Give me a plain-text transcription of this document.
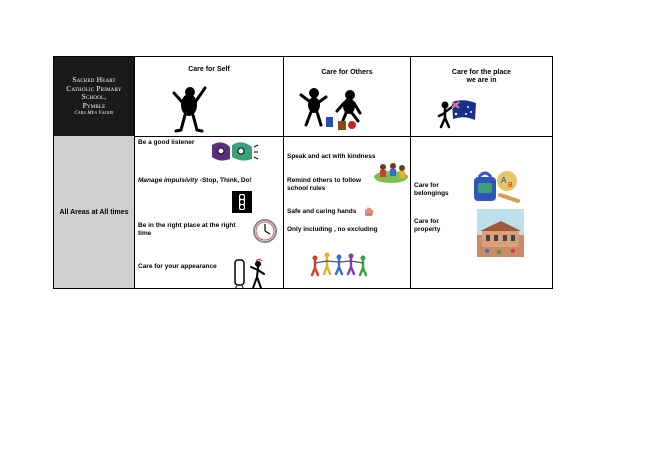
Sacred Heart
Catholic Primary
School,
Pymble
Cara Mea Valeri
All Areas at All times
Care for Self	Care for Others	Care for the place
we are in
Be a good listener
Manage impulsivity -Stop, Think, Do!
Be in the right place at the right time
Care for your appearance
Speak and act with kindness
Remind others to follow school rules
Safe and caring hands
Only including , no excluding
Care for belongings
A
B
Care for property
